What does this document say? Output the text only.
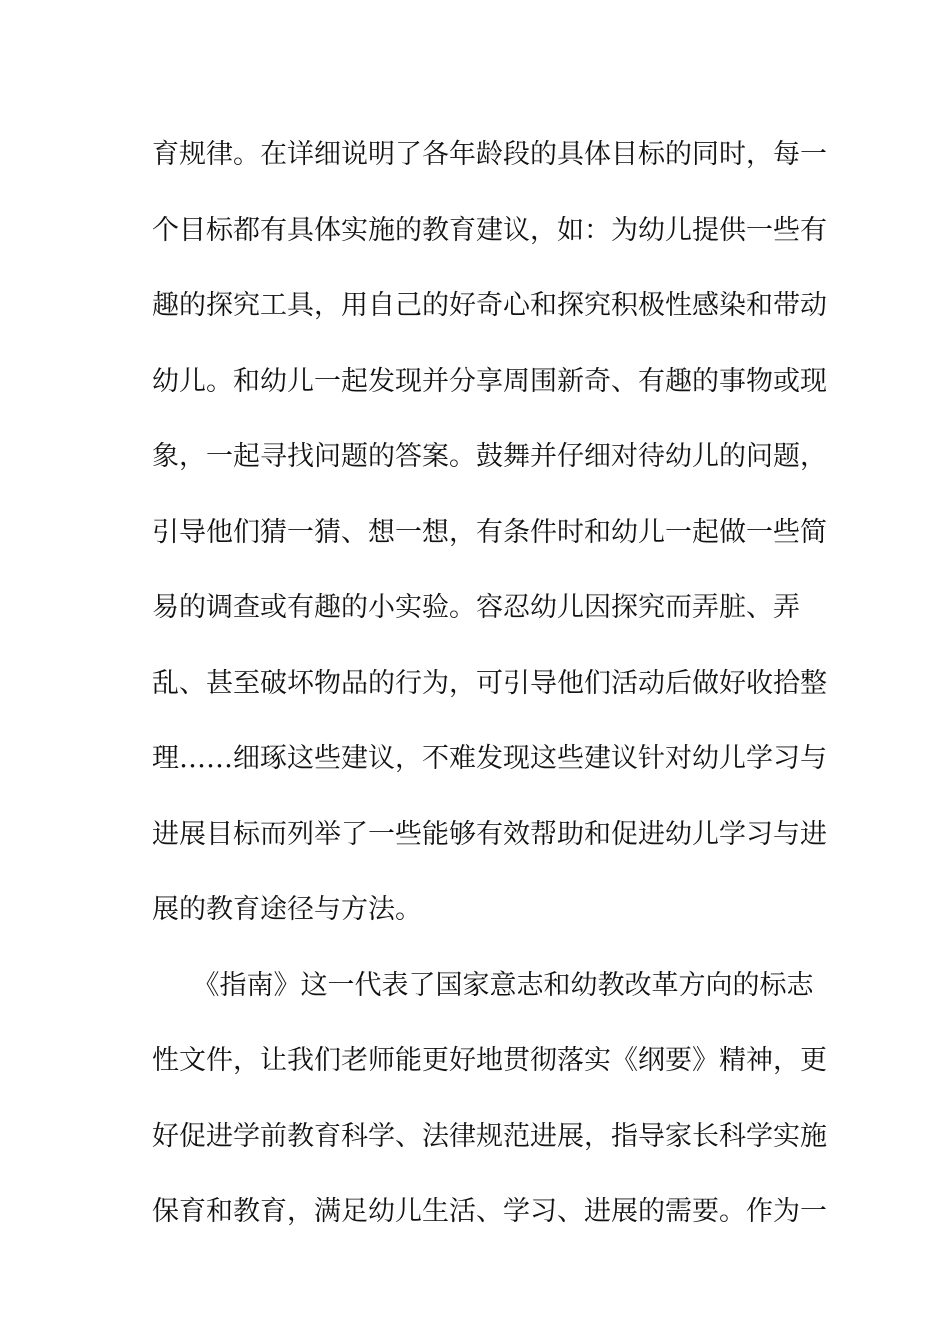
育规律。在详细说明了各年龄段的具体目标的同时，每一
个目标都有具体实施的教育建议，如：为幼儿提供一些有
趣的探究工具，用自己的好奇心和探究积极性感染和带动
幼儿。和幼儿一起发现并分享周围新奇、有趣的事物或现
象，一起寻找问题的答案。鼓舞并仔细对待幼儿的问题，
引导他们猜一猜、想一想，有条件时和幼儿一起做一些简
易的调查或有趣的小实验。容忍幼儿因探究而弄脏、弄
乱、甚至破坏物品的行为，可引导他们活动后做好收拾整
理……细琢这些建议，不难发现这些建议针对幼儿学习与
进展目标而列举了一些能够有效帮助和促进幼儿学习与进
展的教育途径与方法。
　　《指南》这一代表了国家意志和幼教改革方向的标志
性文件，让我们老师能更好地贯彻落实《纲要》精神，更
好促进学前教育科学、法律规范进展，指导家长科学实施
保育和教育，满足幼儿生活、学习、进展的需要。作为一
